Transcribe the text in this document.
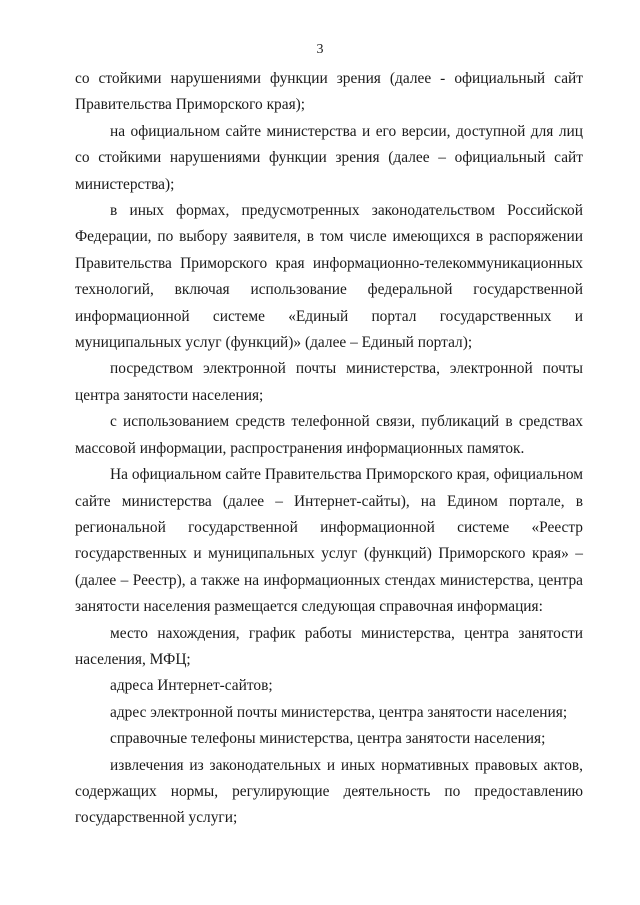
3

со стойкими нарушениями функции зрения (далее - официальный сайт Правительства Приморского края);

на официальном сайте министерства и его версии, доступной для лиц со стойкими нарушениями функции зрения (далее – официальный сайт министерства);

в иных формах, предусмотренных законодательством Российской Федерации, по выбору заявителя, в том числе имеющихся в распоряжении Правительства Приморского края информационно-телекоммуникационных технологий, включая использование федеральной государственной информационной системе «Единый портал государственных и муниципальных услуг (функций)» (далее – Единый портал);

посредством электронной почты министерства, электронной почты центра занятости населения;

с использованием средств телефонной связи, публикаций в средствах массовой информации, распространения информационных памяток.

На официальном сайте Правительства Приморского края, официальном сайте министерства (далее – Интернет-сайты), на Едином портале, в региональной государственной информационной системе «Реестр государственных и муниципальных услуг (функций) Приморского края» – (далее – Реестр), а также на информационных стендах министерства, центра занятости населения размещается следующая справочная информация:

место нахождения, график работы министерства, центра занятости населения, МФЦ;

адреса Интернет-сайтов;

адрес электронной почты министерства, центра занятости населения;

справочные телефоны министерства, центра занятости населения;

извлечения из законодательных и иных нормативных правовых актов, содержащих нормы, регулирующие деятельность по предоставлению государственной услуги;
